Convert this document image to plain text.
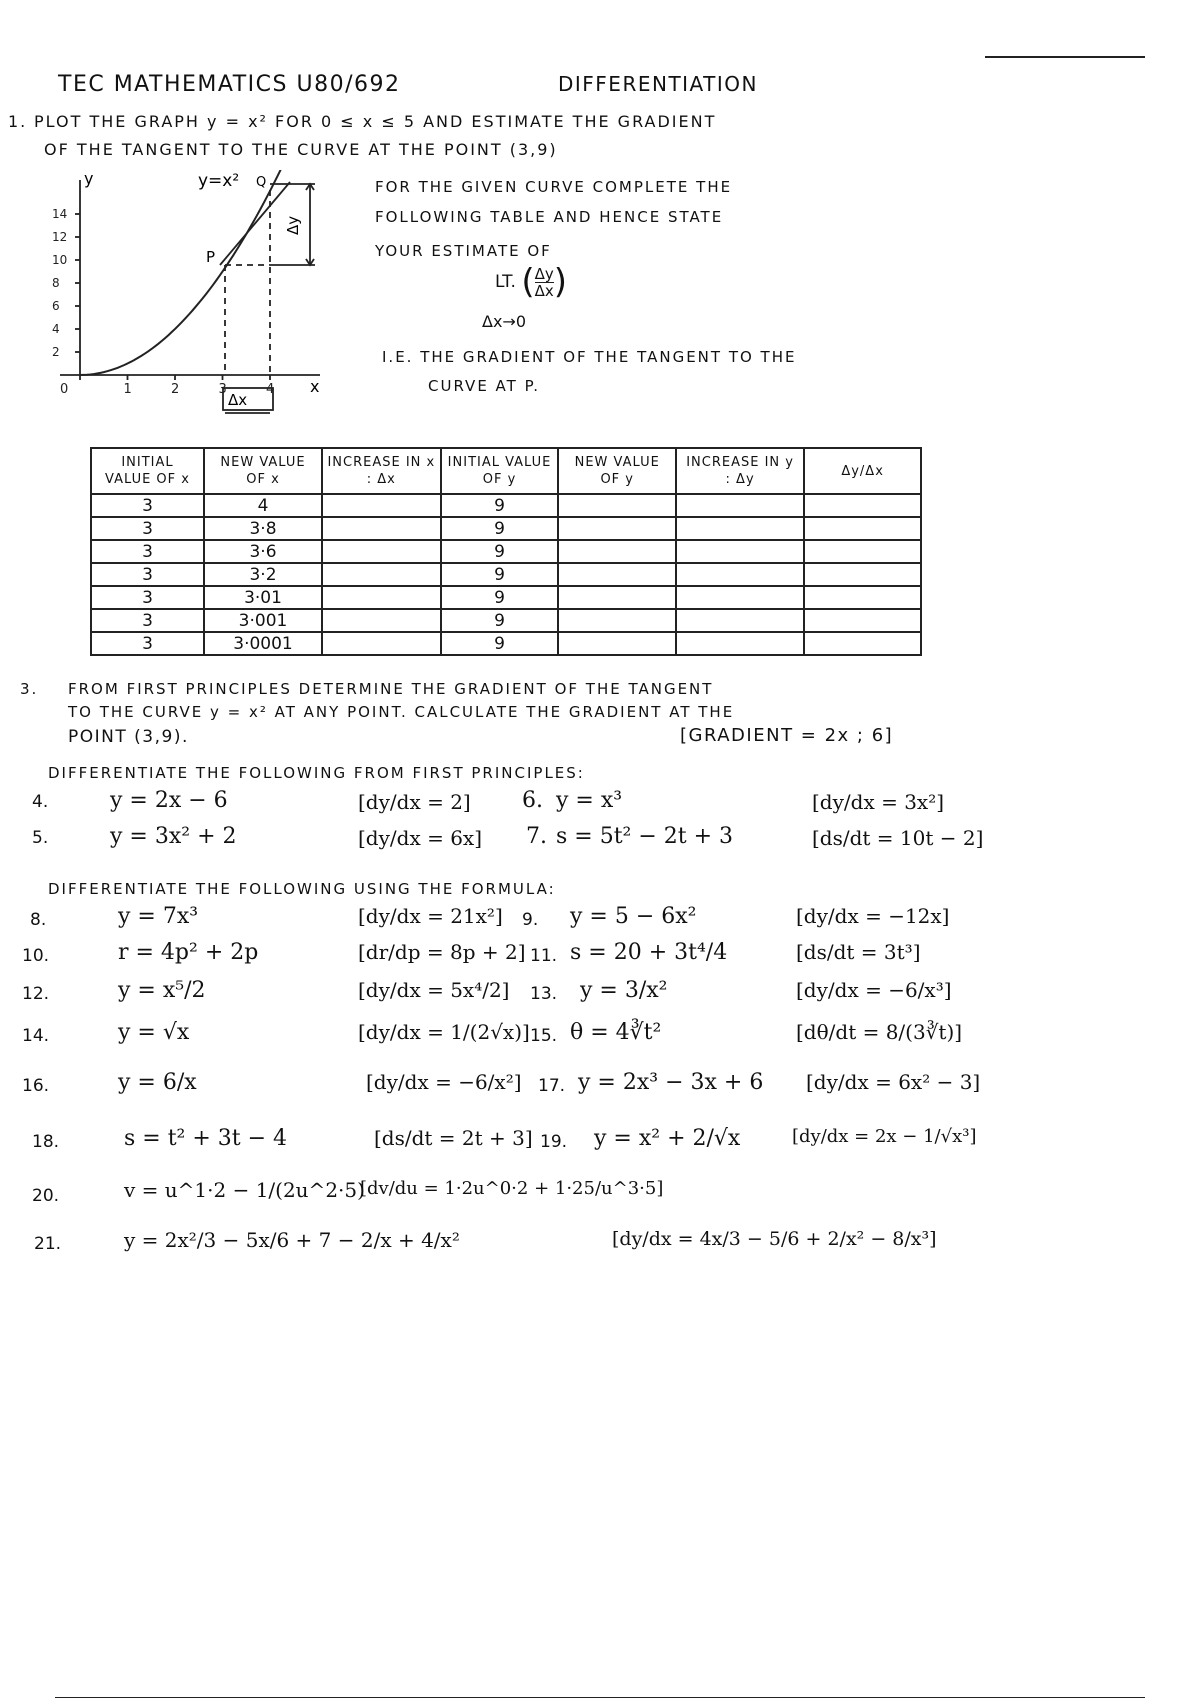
TEC MATHEMATICS U80/692	DIFFERENTIATION
1. PLOT THE GRAPH y = x² FOR 0 ≤ x ≤ 5 AND ESTIMATE THE GRADIENT
OF THE TANGENT TO THE CURVE AT THE POINT (3,9)
y=x² Q
P
Δy
Δx
y
x
14
12
10
8
6
4
2
0	1	2	3	4
FOR THE GIVEN CURVE COMPLETE THE
FOLLOWING TABLE AND HENCE STATE
YOUR ESTIMATE OF
LT. $(\frac{\Delta y}{\Delta x})$
Δx→0
I.E. THE GRADIENT OF THE TANGENT TO THE
CURVE AT P.
INITIAL VALUE OF x	NEW VALUE OF x	INCREASE IN x : Δx	INITIAL VALUE OF y	NEW VALUE OF y	INCREASE IN y : Δy	Δy/Δx
3	4		9			
3	3·8		9			
3	3·6		9			
3	3·2		9			
3	3·01		9			
3	3·001		9			
3	3·0001		9			
3. FROM FIRST PRINCIPLES DETERMINE THE GRADIENT OF THE TANGENT
TO THE CURVE y = x² AT ANY POINT. CALCULATE THE GRADIENT AT THE
POINT (3,9).	[GRADIENT = 2x ; 6]
DIFFERENTIATE THE FOLLOWING FROM FIRST PRINCIPLES:
4.	y = 2x − 6	[dy/dx = 2] 6. y = x³	[dy/dx = 3x²]
5.	y = 3x² + 2	[dy/dx = 6x] 7. s = 5t² − 2t + 3	[ds/dt = 10t − 2]
DIFFERENTIATE THE FOLLOWING USING THE FORMULA:
8.	y = 7x³	[dy/dx = 21x²] 9. y = 5 − 6x²	[dy/dx = −12x]
10.	r = 4p² + 2p	[dr/dp = 8p + 2] 11. s = 20 + 3t⁴/4	[ds/dt = 3t³]
12.	y = x⁵/2	[dy/dx = 5x⁴/2] 13. y = 3/x²	[dy/dx = −6/x³]
14.	y = √x	[dy/dx = 1/(2√x)] 15. θ = 4∛t²	[dθ/dt = 8/(3∛t)]
16.	y = 6/x	[dy/dx = −6/x²] 17. y = 2x³ − 3x + 6 [dy/dx = 6x² − 3]
18.	s = t² + 3t − 4	[ds/dt = 2t + 3] 19. y = x² + 2/√x	[dy/dx = 2x − 1/√x³]
20.	v = u^1·2 − 1/(2u^2·5)
[dv/du = 1·2u^0·2 + 1·25/u^3·5]
21.	y = 2x²/3 − 5x/6 + 7 − 2/x + 4/x²	[dy/dx = 4x/3 − 5/6 + 2/x² − 8/x³]
